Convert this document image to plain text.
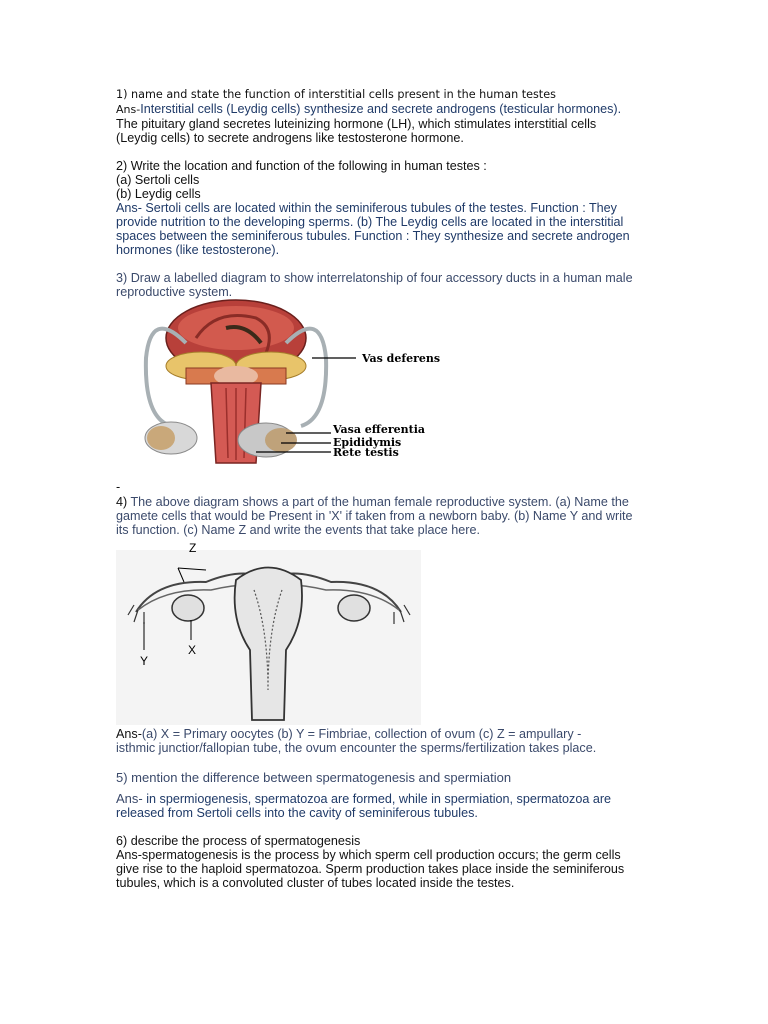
1) name and state the function of interstitial cells present in the human testes

Ans-Interstitial cells (Leydig cells) synthesize and secrete androgens (testicular hormones).

The pituitary gland secretes luteinizing hormone (LH), which stimulates interstitial cells

(Leydig cells) to secrete androgens like testosterone hormone.

2) Write the location and function of the following in human testes :

(a) Sertoli cells

(b) Leydig cells

Ans- Sertoli cells are located within the seminiferous tubules of the testes. Function : They

provide nutrition to the developing sperms. (b) The Leydig cells are located in the interstitial

spaces between the seminiferous tubules. Function : They synthesize and secrete androgen

hormones (like testosterone).

3) Draw a labelled diagram to show interrelatonship of four accessory ducts in a human male

reproductive system.

Vas deferens
Vasa efferentia
Epididymis
Rete testis

-

4) The above diagram shows a part of the human female reproductive system. (a) Name the

gamete cells that would be Present in 'X' if taken from a newborn baby. (b) Name Y and write

its function. (c) Name Z and write the events that take place here.

Z
X
Y

Ans-(a) X = Primary oocytes (b) Y = Fimbriae, collection of ovum (c) Z = ampullary -

isthmic junctior/fallopian tube, the ovum encounter the sperms/fertilization takes place.

5) mention the difference between spermatogenesis and spermiation

Ans- in spermiogenesis, spermatozoa are formed, while in spermiation, spermatozoa are

released from Sertoli cells into the cavity of seminiferous tubules.

6) describe the process of spermatogenesis

Ans-spermatogenesis is the process by which sperm cell production occurs; the germ cells

give rise to the haploid spermatozoa. Sperm production takes place inside the seminiferous

tubules, which is a convoluted cluster of tubes located inside the testes.
